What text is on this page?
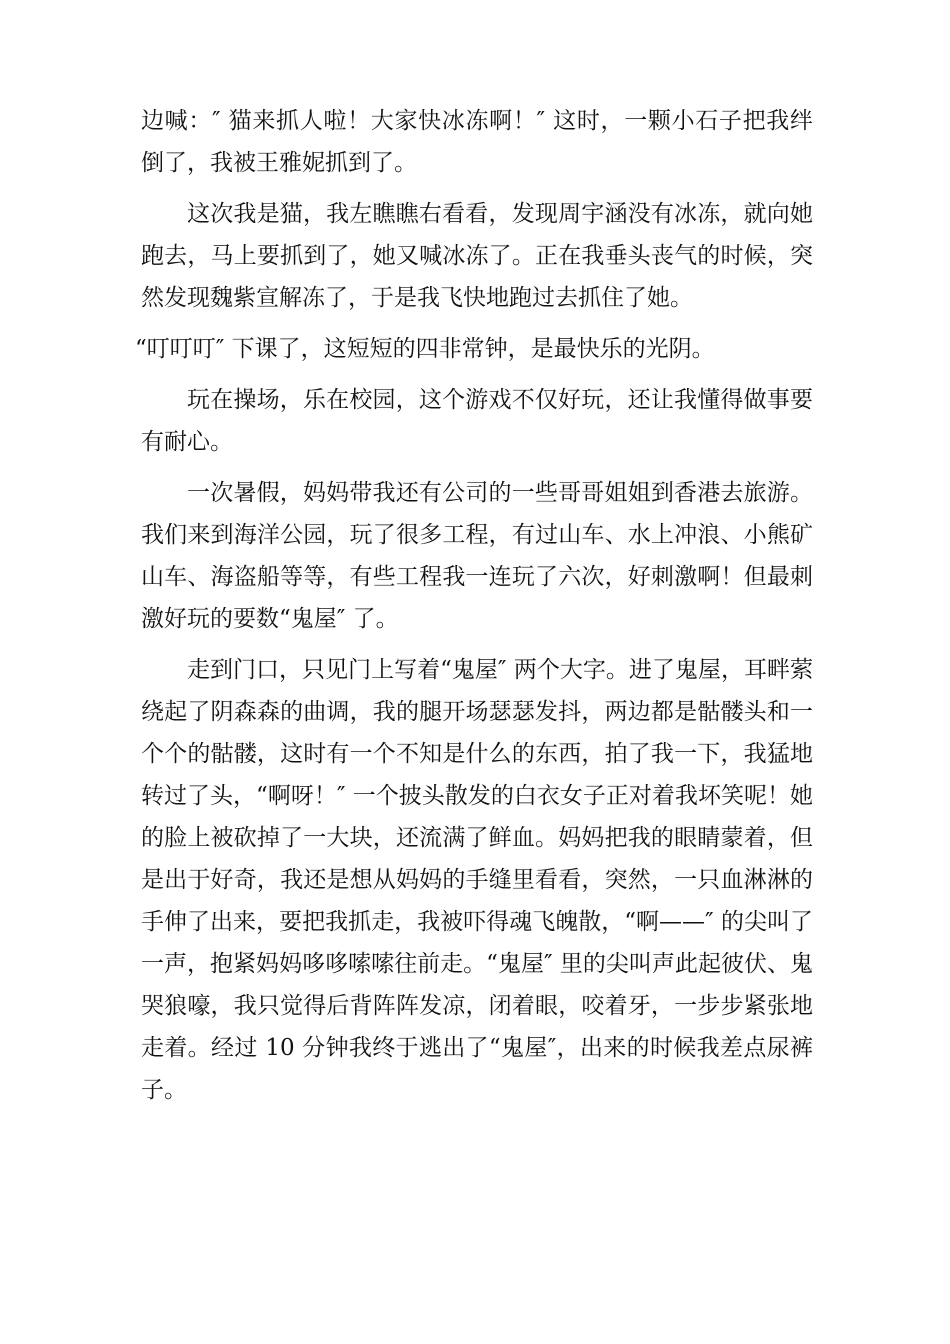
边喊：″ 猫来抓人啦！大家快冰冻啊！″ 这时，一颗小石子把我绊倒了，我被王雅妮抓到了。

这次我是猫，我左瞧瞧右看看，发现周宇涵没有冰冻，就向她跑去，马上要抓到了，她又喊冰冻了。正在我垂头丧气的时候，突然发现魏紫宣解冻了，于是我飞快地跑过去抓住了她。

“叮叮叮″ 下课了，这短短的四非常钟，是最快乐的光阴。

玩在操场，乐在校园，这个游戏不仅好玩，还让我懂得做事要有耐心。

一次暑假，妈妈带我还有公司的一些哥哥姐姐到香港去旅游。我们来到海洋公园，玩了很多工程，有过山车、水上冲浪、小熊矿山车、海盗船等等，有些工程我一连玩了六次，好刺激啊！但最刺激好玩的要数“鬼屋″ 了。

走到门口，只见门上写着“鬼屋″ 两个大字。进了鬼屋，耳畔萦绕起了阴森森的曲调，我的腿开场瑟瑟发抖，两边都是骷髅头和一个个的骷髅，这时有一个不知是什么的东西，拍了我一下，我猛地转过了头，“啊呀！″ 一个披头散发的白衣女子正对着我坏笑呢！她的脸上被砍掉了一大块，还流满了鲜血。妈妈把我的眼睛蒙着，但是出于好奇，我还是想从妈妈的手缝里看看，突然，一只血淋淋的手伸了出来，要把我抓走，我被吓得魂飞魄散，“啊——″ 的尖叫了一声，抱紧妈妈哆哆嗦嗦往前走。“鬼屋″ 里的尖叫声此起彼伏、鬼哭狼嚎，我只觉得后背阵阵发凉，闭着眼，咬着牙，一步步紧张地走着。经过 10 分钟我终于逃出了“鬼屋″，出来的时候我差点尿裤子。
